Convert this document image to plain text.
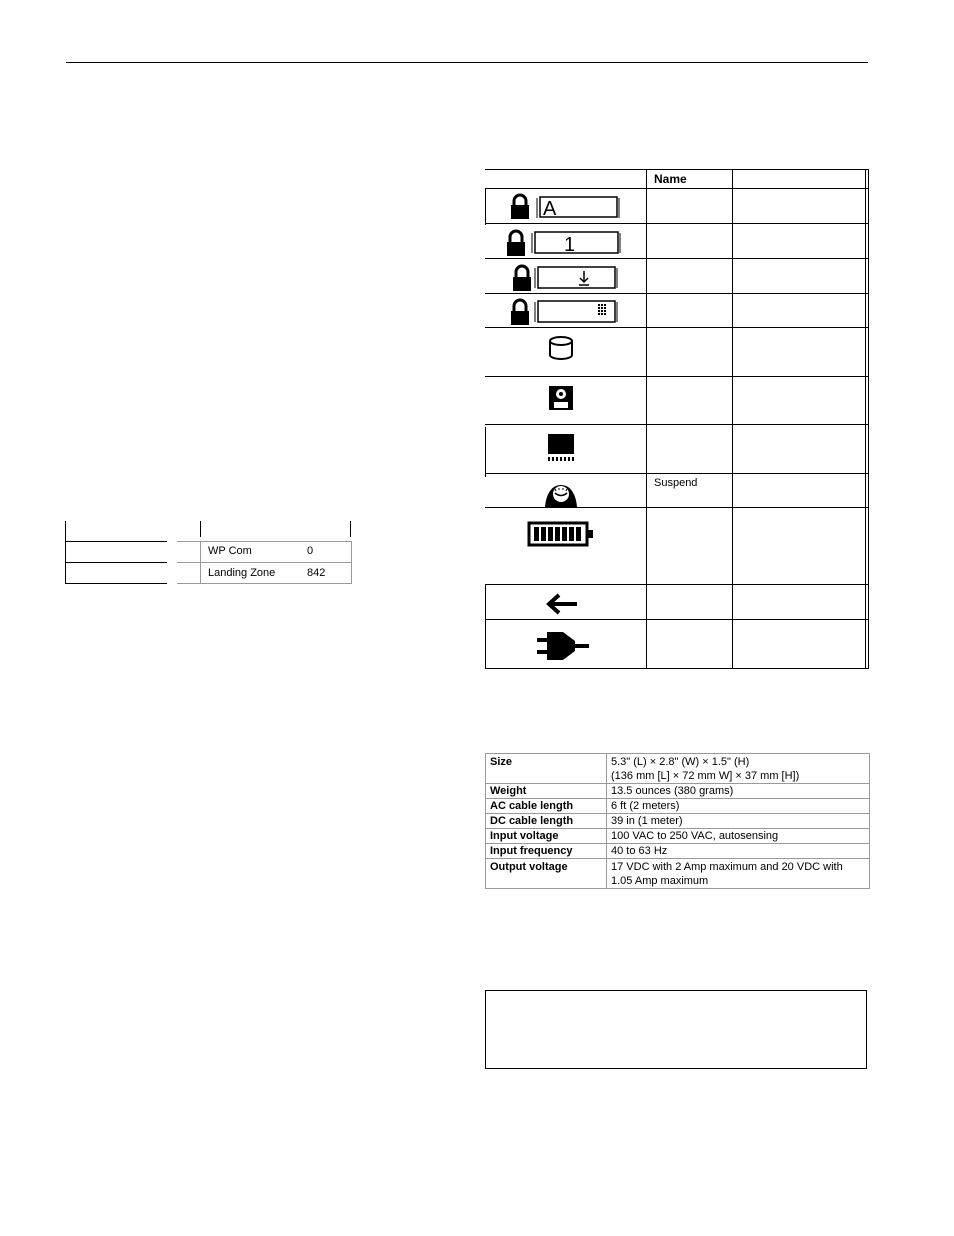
WP Com	0
Landing Zone	842
Name
Suspend
A
1
Size	5.3" (L) × 2.8" (W) × 1.5" (H)
(136 mm [L] × 72 mm W] × 37 mm [H])

Weight	13.5 ounces (380 grams)
AC cable length	6 ft (2 meters)
DC cable length	39 in (1 meter)
Input voltage	100 VAC to 250 VAC, autosensing
Input frequency	40 to 63 Hz
Output voltage	17 VDC with 2 Amp maximum and 20 VDC with
1.05 Amp maximum
